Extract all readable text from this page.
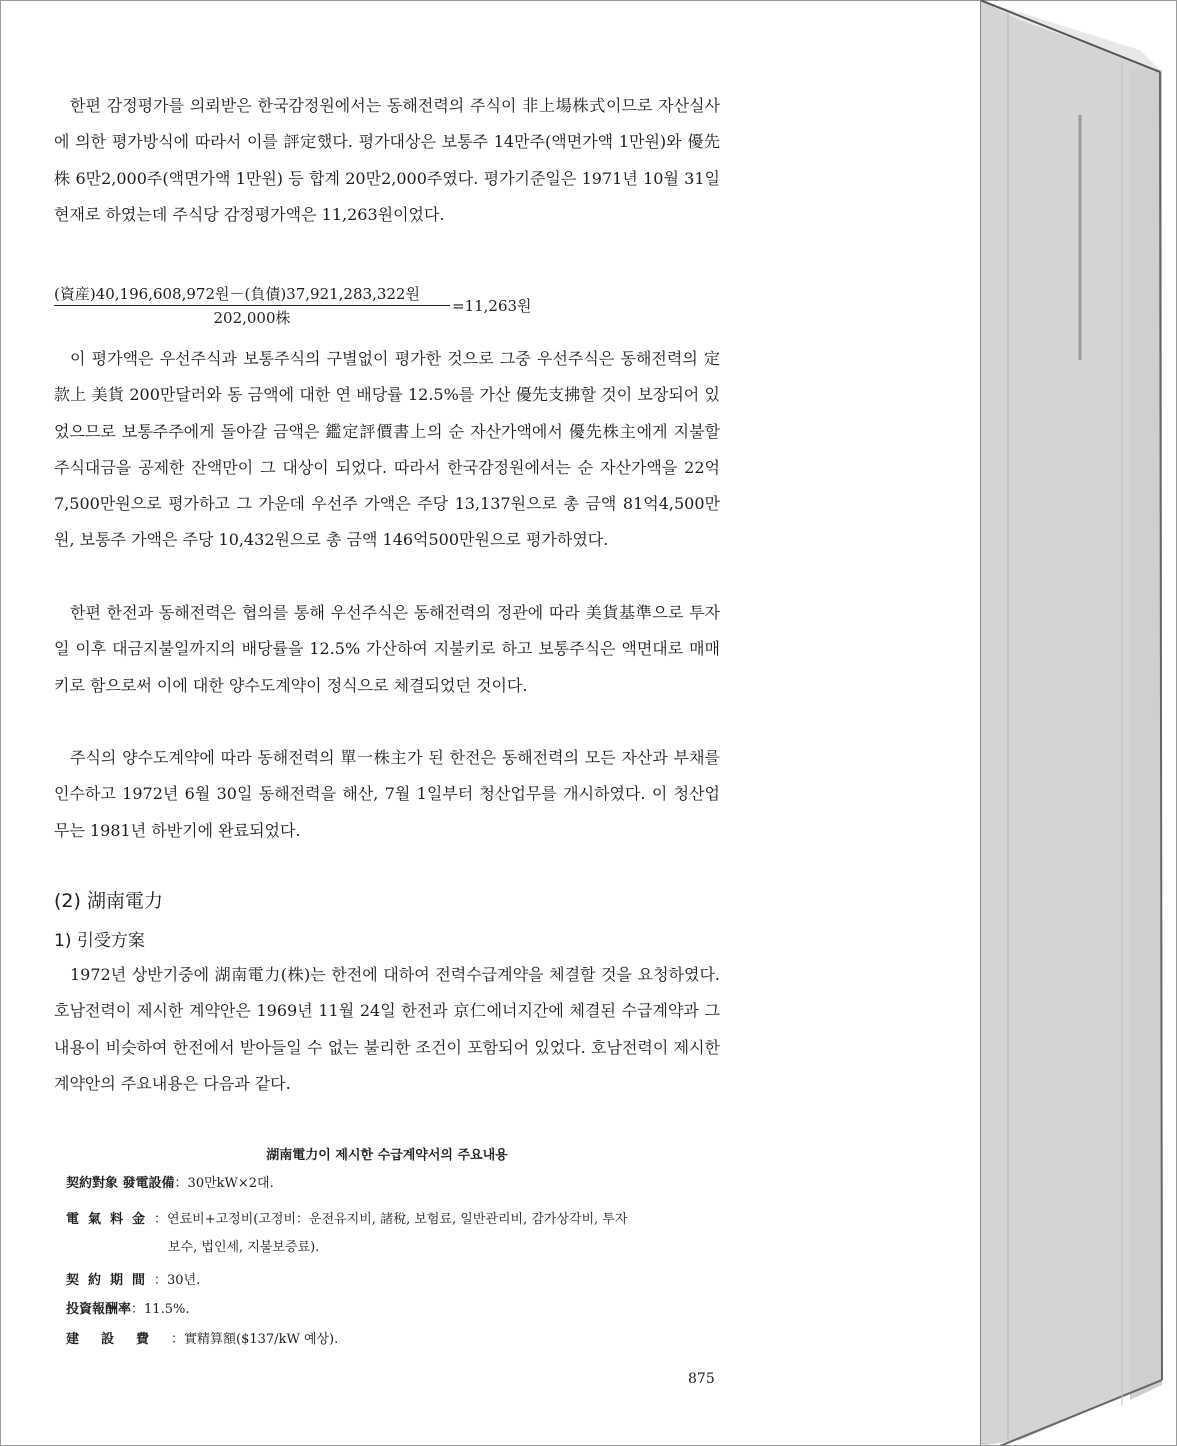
한편 감정평가를 의뢰받은 한국감정원에서는 동해전력의 주식이 非上場株式이므로 자산실사에 의한 평가방식에 따라서 이를 評定했다. 평가대상은 보통주 14만주(액면가액 1만원)와 優先株 6만2,000주(액면가액 1만원) 등 합계 20만2,000주였다. 평가기준일은 1971년 10월 31일 현재로 하였는데 주식당 감정평가액은 11,263원이었다.

(資産)40,196,608,972원－(負債)37,921,283,322원
202,000株
=11,263원

이 평가액은 우선주식과 보통주식의 구별없이 평가한 것으로 그중 우선주식은 동해전력의 定款上 美貨 200만달러와 동 금액에 대한 연 배당률 12.5%를 가산 優先支拂할 것이 보장되어 있었으므로 보통주주에게 돌아갈 금액은 鑑定評價書上의 순 자산가액에서 優先株主에게 지불할 주식대금을 공제한 잔액만이 그 대상이 되었다. 따라서 한국감정원에서는 순 자산가액을 22억7,500만원으로 평가하고 그 가운데 우선주 가액은 주당 13,137원으로 총 금액 81억4,500만원, 보통주 가액은 주당 10,432원으로 총 금액 146억500만원으로 평가하였다.

한편 한전과 동해전력은 협의를 통해 우선주식은 동해전력의 정관에 따라 美貨基準으로 투자일 이후 대금지불일까지의 배당률을 12.5% 가산하여 지불키로 하고 보통주식은 액면대로 매매키로 함으로써 이에 대한 양수도계약이 정식으로 체결되었던 것이다.

주식의 양수도계약에 따라 동해전력의 單一株主가 된 한전은 동해전력의 모든 자산과 부채를 인수하고 1972년 6월 30일 동해전력을 해산, 7월 1일부터 청산업무를 개시하였다. 이 청산업무는 1981년 하반기에 완료되었다.

(2) 湖南電力
1) 引受方案

1972년 상반기중에 湖南電力(株)는 한전에 대하여 전력수급계약을 체결할 것을 요청하였다. 호남전력이 제시한 계약안은 1969년 11월 24일 한전과 京仁에너지간에 체결된 수급계약과 그 내용이 비슷하여 한전에서 받아들일 수 없는 불리한 조건이 포함되어 있었다. 호남전력이 제시한 계약안의 주요내용은 다음과 같다.

湖南電力이 제시한 수급계약서의 주요내용

契約對象 發電設備：30만kW×2대.
電氣料金：연료비+고정비(고정비：운전유지비, 諸稅, 보험료, 일반관리비, 감가상각비, 투자
보수, 법인세, 지불보증료).
契約期間：30년.
投資報酬率：11.5%.
建設費：實精算額($137/kW 예상).
875
